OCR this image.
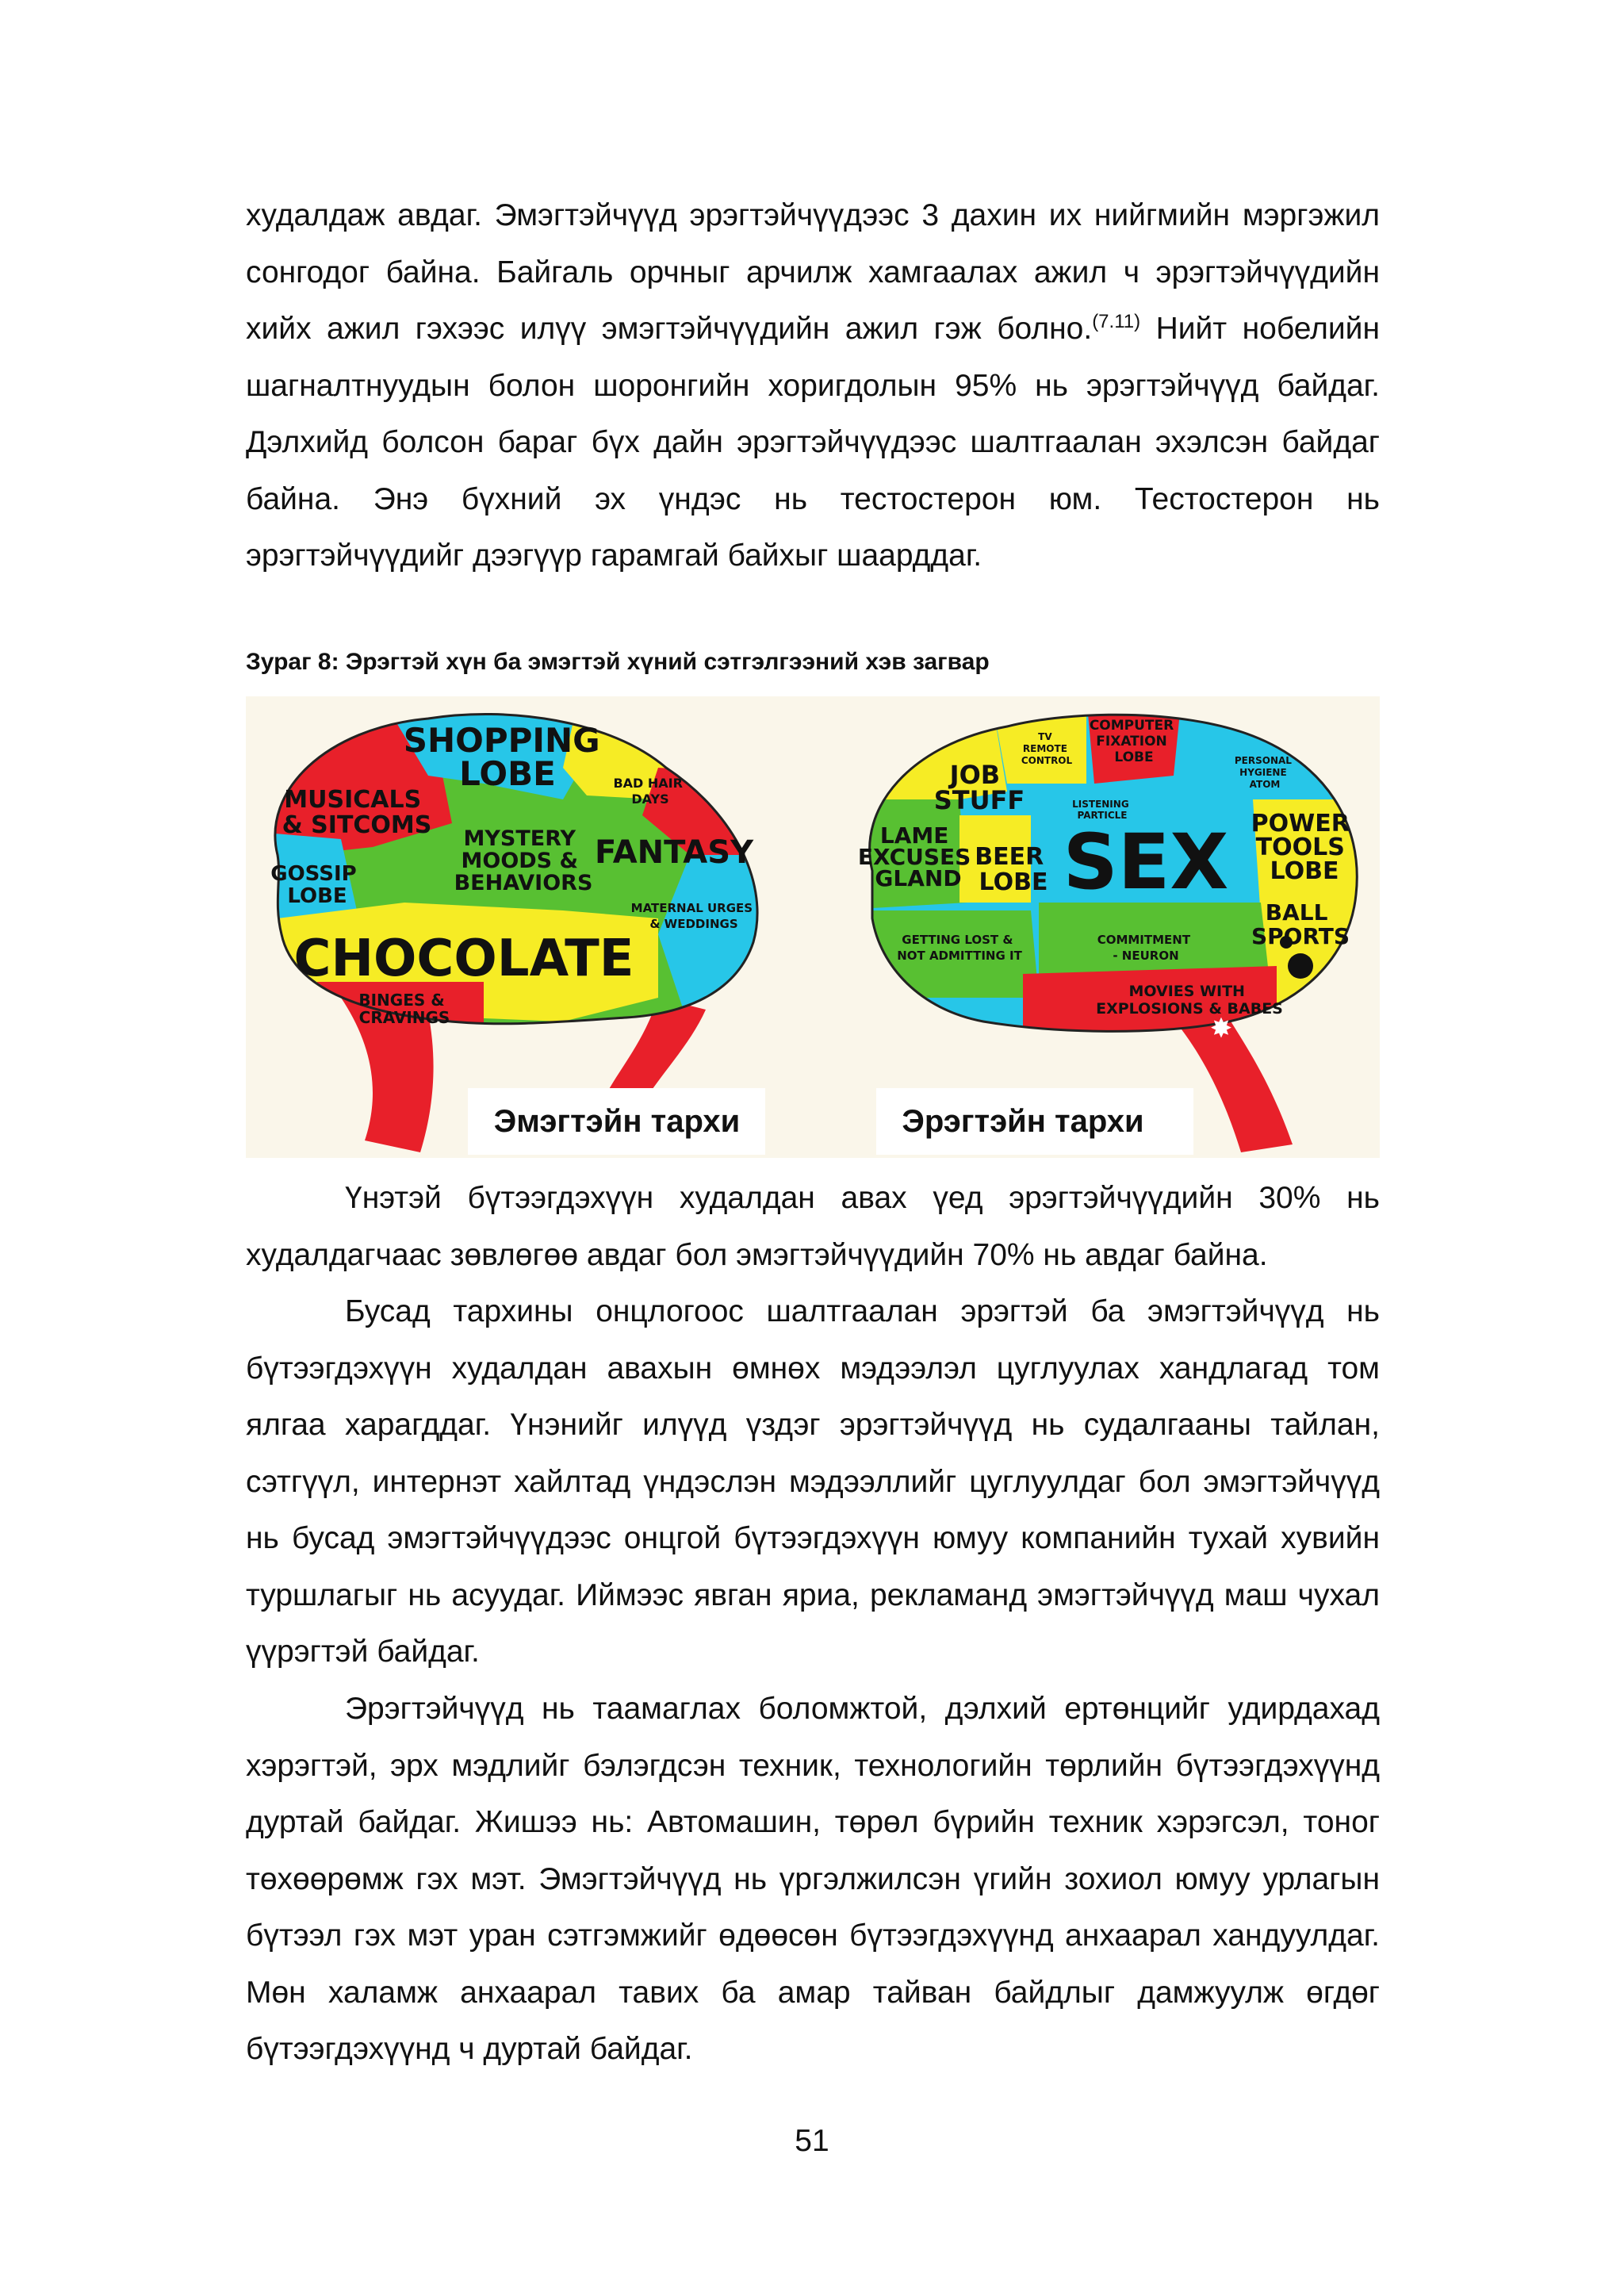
худалдаж авдаг. Эмэгтэйчүүд эрэгтэйчүүдээс 3 дахин их нийгмийн мэргэжил сонгодог байна. Байгаль орчныг арчилж хамгаалах ажил ч эрэгтэйчүүдийн хийх ажил гэхээс илүү эмэгтэйчүүдийн ажил гэж болно.$^{(7.11)}$ Нийт нобелийн шагналтнуудын болон шоронгийн хоригдолын 95% нь эрэгтэйчүүд байдаг. Дэлхийд болсон бараг бүх дайн эрэгтэйчүүдээс шалтгаалан эхэлсэн байдаг байна. Энэ бүхний эх үндэс нь тестостерон юм. Тестостерон нь эрэгтэйчүүдийг дээгүүр гарамгай байхыг шаарддаг.

Зураг 8: Эрэгтэй хүн ба эмэгтэй хүний сэтгэлгээний хэв загвар

SHOPPING LOBE
MUSICALS & SITCOMS
BAD HAIR DAYS
GOSSIP LOBE
MYSTERY MOODS & BEHAVIORS
FANTASY
MATERNAL URGES & WEDDINGS
CHOCOLATE
BINGES & CRAVINGS	✸
TV REMOTE CONTROL
COMPUTER FIXATION LOBE	PERSONAL HYGIENE ATOM
JOB STUFF	LISTENING PARTICLE
LAME EXCUSES GLAND
BEER LOBE SEX POWER TOOLS LOBE
BALL SPORTS
GETTING LOST & NOT ADMITTING IT
COMMITMENT - NEURON
MOVIES WITH EXPLOSIONS & BABES
Эмэгтэйн тархи	Эрэгтэйн тархи

Үнэтэй бүтээгдэхүүн худалдан авах үед эрэгтэйчүүдийн 30% нь худалдагчаас зөвлөгөө авдаг бол эмэгтэйчүүдийн 70% нь авдаг байна.

Бусад тархины онцлогоос шалтгаалан эрэгтэй ба эмэгтэйчүүд нь бүтээгдэхүүн худалдан авахын өмнөх мэдээлэл цуглуулах хандлагад том ялгаа харагддаг. Үнэнийг илүүд үздэг эрэгтэйчүүд нь судалгааны тайлан, сэтгүүл, интернэт хайлтад үндэслэн мэдээллийг цуглуулдаг бол эмэгтэйчүүд нь бусад эмэгтэйчүүдээс онцгой бүтээгдэхүүн юмуу компанийн тухай хувийн туршлагыг нь асуудаг. Иймээс явган яриа, рекламанд эмэгтэйчүүд маш чухал үүрэгтэй байдаг.

Эрэгтэйчүүд нь таамаглах боломжтой, дэлхий ертөнцийг удирдахад хэрэгтэй, эрх мэдлийг бэлэгдсэн техник, технологийн төрлийн бүтээгдэхүүнд дуртай байдаг. Жишээ нь: Автомашин, төрөл бүрийн техник хэрэгсэл, тоног төхөөрөмж гэх мэт. Эмэгтэйчүүд нь үргэлжилсэн үгийн зохиол юмуу урлагын бүтээл гэх мэт уран сэтгэмжийг өдөөсөн бүтээгдэхүүнд анхаарал хандуулдаг. Мөн халамж анхаарал тавих ба амар тайван байдлыг дамжуулж өгдөг бүтээгдэхүүнд ч дуртай байдаг.

51
